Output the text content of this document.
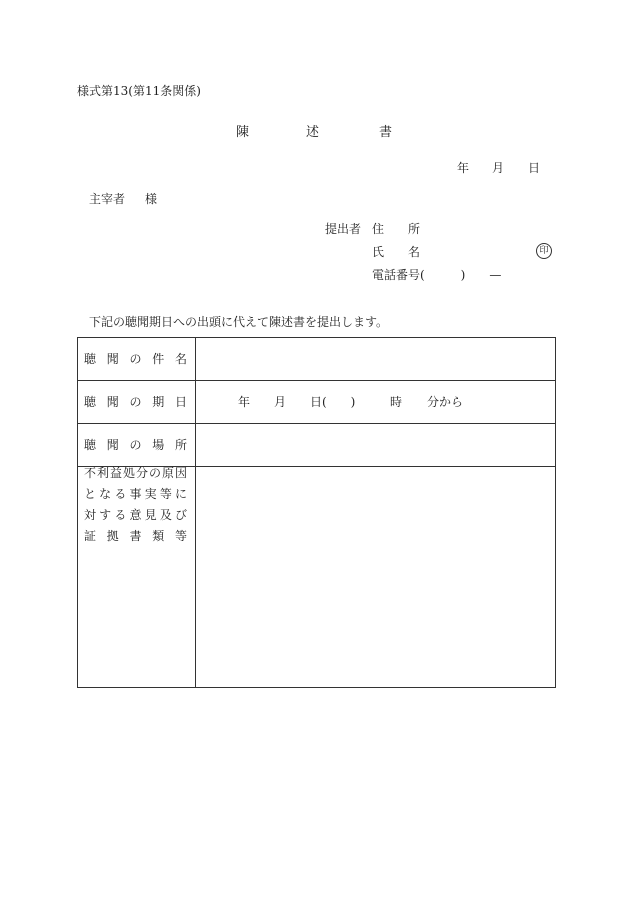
様式第13(第11条関係)
陳	述	書
年 月 日
主宰者 様
提出者 住　　所
氏　　名	印
電話番号(　　　)　　—
下記の聴聞期日への出頭に代えて陳述書を提出します。
聴聞の件名	

聴聞の期日	年 月 日(　　) 時 分から

聴聞の場所	

不利益処分の原因
となる事実等に
対する意見及び
証拠書類等	
